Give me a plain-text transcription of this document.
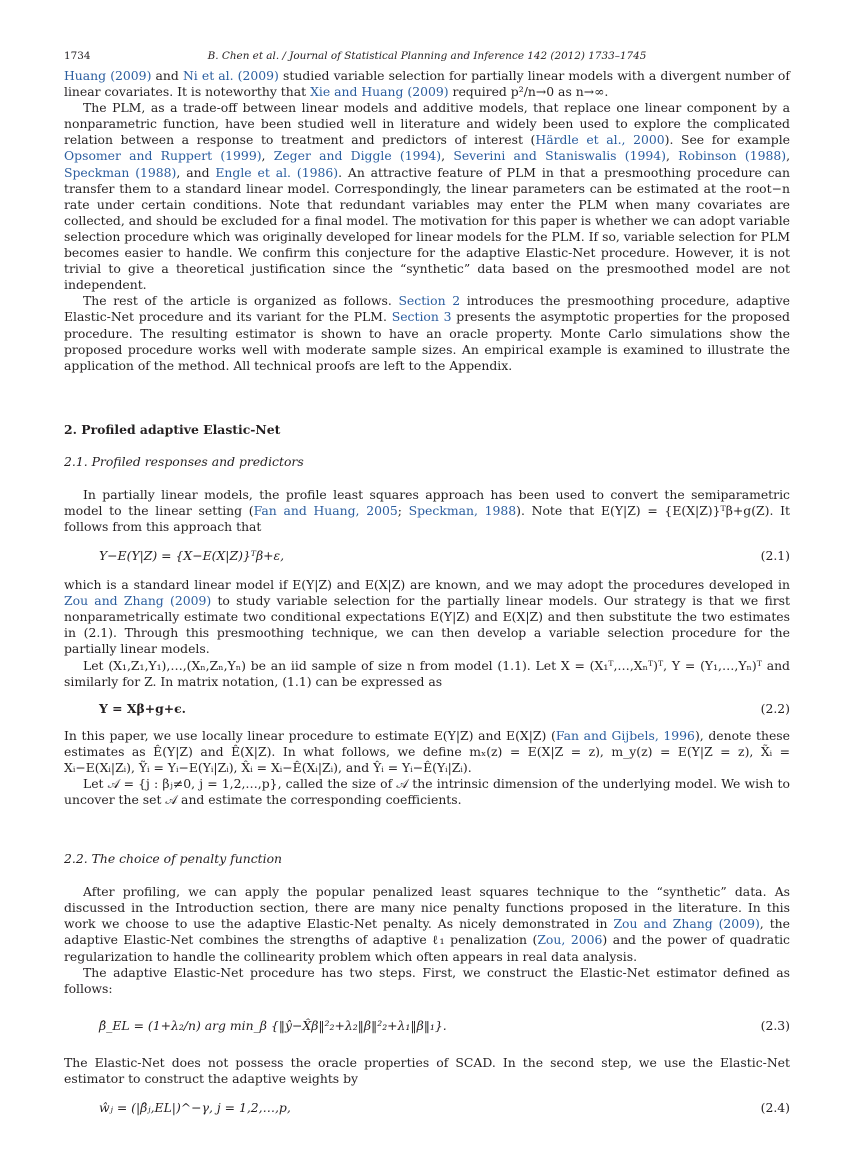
1734	B. Chen et al. / Journal of Statistical Planning and Inference 142 (2012) 1733–1745

Huang (2009) and Ni et al. (2009) studied variable selection for partially linear models with a divergent number of linear covariates. It is noteworthy that Xie and Huang (2009) required p²/n→0 as n→∞.

The PLM, as a trade-off between linear models and additive models, that replace one linear component by a nonparametric function, have been studied well in literature and widely been used to explore the complicated relation between a response to treatment and predictors of interest (Härdle et al., 2000). See for example Opsomer and Ruppert (1999), Zeger and Diggle (1994), Severini and Staniswalis (1994), Robinson (1988), Speckman (1988), and Engle et al. (1986). An attractive feature of PLM in that a presmoothing procedure can transfer them to a standard linear model. Correspondingly, the linear parameters can be estimated at the root−n rate under certain conditions. Note that redundant variables may enter the PLM when many covariates are collected, and should be excluded for a final model. The motivation for this paper is whether we can adopt variable selection procedure which was originally developed for linear models for the PLM. If so, variable selection for PLM becomes easier to handle. We confirm this conjecture for the adaptive Elastic-Net procedure. However, it is not trivial to give a theoretical justification since the “synthetic” data based on the presmoothed model are not independent.

The rest of the article is organized as follows. Section 2 introduces the presmoothing procedure, adaptive Elastic-Net procedure and its variant for the PLM. Section 3 presents the asymptotic properties for the proposed procedure. The resulting estimator is shown to have an oracle property. Monte Carlo simulations show the proposed procedure works well with moderate sample sizes. An empirical example is examined to illustrate the application of the method. All technical proofs are left to the Appendix.

2. Profiled adaptive Elastic-Net

2.1. Profiled responses and predictors

In partially linear models, the profile least squares approach has been used to convert the semiparametric model to the linear setting (Fan and Huang, 2005; Speckman, 1988). Note that E(Y|Z) = {E(X|Z)}ᵀβ+g(Z). It follows from this approach that

Y−E(Y|Z) = {X−E(X|Z)}ᵀβ+ε,	(2.1)

which is a standard linear model if E(Y|Z) and E(X|Z) are known, and we may adopt the procedures developed in Zou and Zhang (2009) to study variable selection for the partially linear models. Our strategy is that we first nonparametrically estimate two conditional expectations E(Y|Z) and E(X|Z) and then substitute the two estimates in (2.1). Through this presmoothing technique, we can then develop a variable selection procedure for the partially linear models.

Let (X₁,Z₁,Y₁),…,(Xₙ,Zₙ,Yₙ) be an iid sample of size n from model (1.1). Let X = (X₁ᵀ,…,Xₙᵀ)ᵀ, Y = (Y₁,…,Yₙ)ᵀ and similarly for Z. In matrix notation, (1.1) can be expressed as

Y = Xβ+g+ϵ.	(2.2)

In this paper, we use locally linear procedure to estimate E(Y|Z) and E(X|Z) (Fan and Gijbels, 1996), denote these estimates as Ê(Y|Z) and Ê(X|Z). In what follows, we define mₓ(z) = E(X|Z = z), m_y(z) = E(Y|Z = z), X̃ᵢ = Xᵢ−E(Xᵢ|Zᵢ), Ỹᵢ = Yᵢ−E(Yᵢ|Zᵢ), X̂ᵢ = Xᵢ−Ê(Xᵢ|Zᵢ), and Ŷᵢ = Yᵢ−Ê(Yᵢ|Zᵢ).

Let 𝒜 = {j : βⱼ≠0, j = 1,2,…,p}, called the size of 𝒜 the intrinsic dimension of the underlying model. We wish to uncover the set 𝒜 and estimate the corresponding coefficients.

2.2. The choice of penalty function

After profiling, we can apply the popular penalized least squares technique to the “synthetic” data. As discussed in the Introduction section, there are many nice penalty functions proposed in the literature. In this work we choose to use the adaptive Elastic-Net penalty. As nicely demonstrated in Zou and Zhang (2009), the adaptive Elastic-Net combines the strengths of adaptive ℓ₁ penalization (Zou, 2006) and the power of quadratic regularization to handle the collinearity problem which often appears in real data analysis.

The adaptive Elastic-Net procedure has two steps. First, we construct the Elastic-Net estimator defined as follows:

β̂_EL = (1+λ₂/n) arg min_β {‖ŷ−X̂β‖²₂+λ₂‖β‖²₂+λ₁‖β‖₁}.	(2.3)

The Elastic-Net does not possess the oracle properties of SCAD. In the second step, we use the Elastic-Net estimator to construct the adaptive weights by

ŵⱼ = (|β̂ⱼ,EL|)^−γ, j = 1,2,…,p,	(2.4)
